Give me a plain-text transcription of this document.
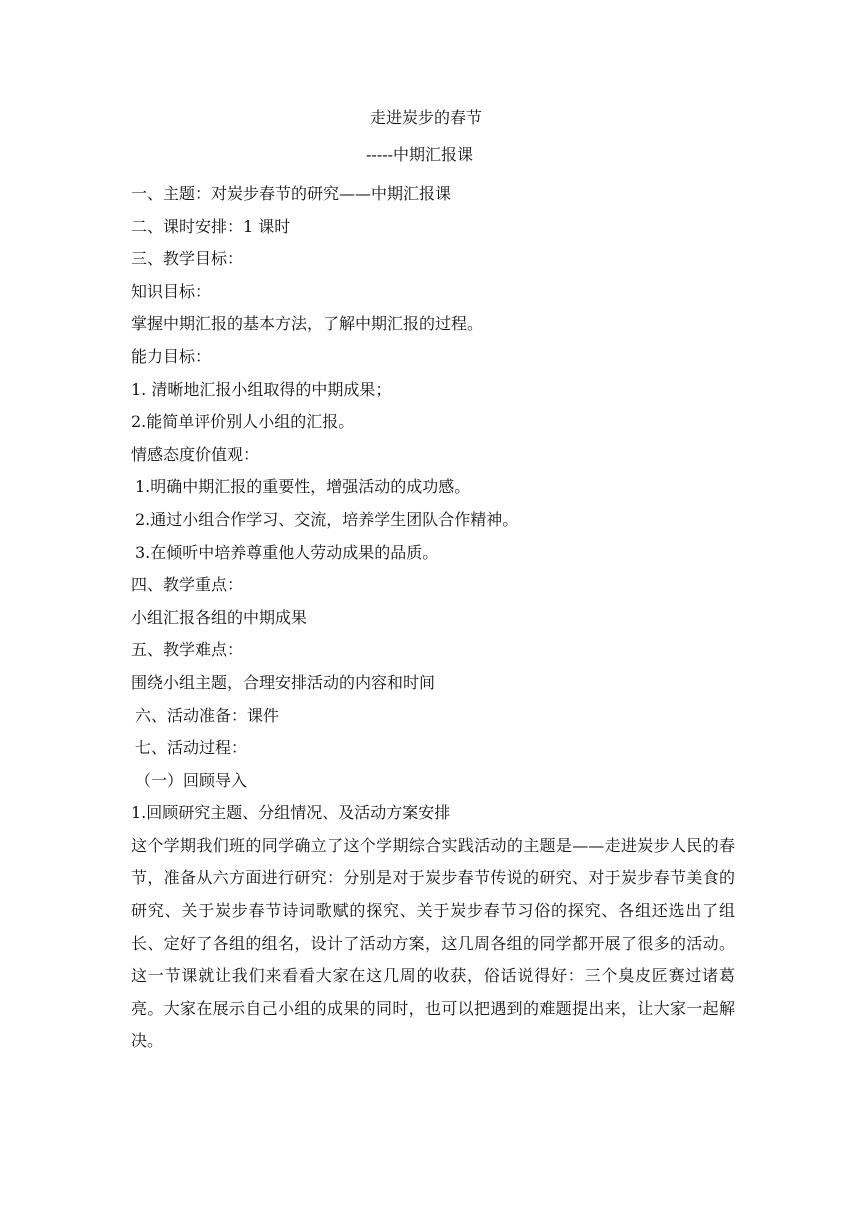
走进炭步的春节
-----中期汇报课
一、主题：对炭步春节的研究——中期汇报课
二、课时安排：1 课时
三、教学目标：
知识目标：
掌握中期汇报的基本方法，了解中期汇报的过程。
能力目标：
1. 清晰地汇报小组取得的中期成果；
2.能简单评价别人小组的汇报。
情感态度价值观：
1.明确中期汇报的重要性，增强活动的成功感。
2.通过小组合作学习、交流，培养学生团队合作精神。
3.在倾听中培养尊重他人劳动成果的品质。
四、教学重点：
小组汇报各组的中期成果
五、教学难点：
围绕小组主题，合理安排活动的内容和时间
六、活动准备：课件
七、活动过程：
（一）回顾导入
1.回顾研究主题、分组情况、及活动方案安排
这个学期我们班的同学确立了这个学期综合实践活动的主题是——走进炭步人民的春节，准备从六方面进行研究：分别是对于炭步春节传说的研究、对于炭步春节美食的研究、关于炭步春节诗词歌赋的探究、关于炭步春节习俗的探究、各组还选出了组长、定好了各组的组名，设计了活动方案，这几周各组的同学都开展了很多的活动。这一节课就让我们来看看大家在这几周的收获，俗话说得好：三个臭皮匠赛过诸葛亮。大家在展示自己小组的成果的同时，也可以把遇到的难题提出来，让大家一起解决。
